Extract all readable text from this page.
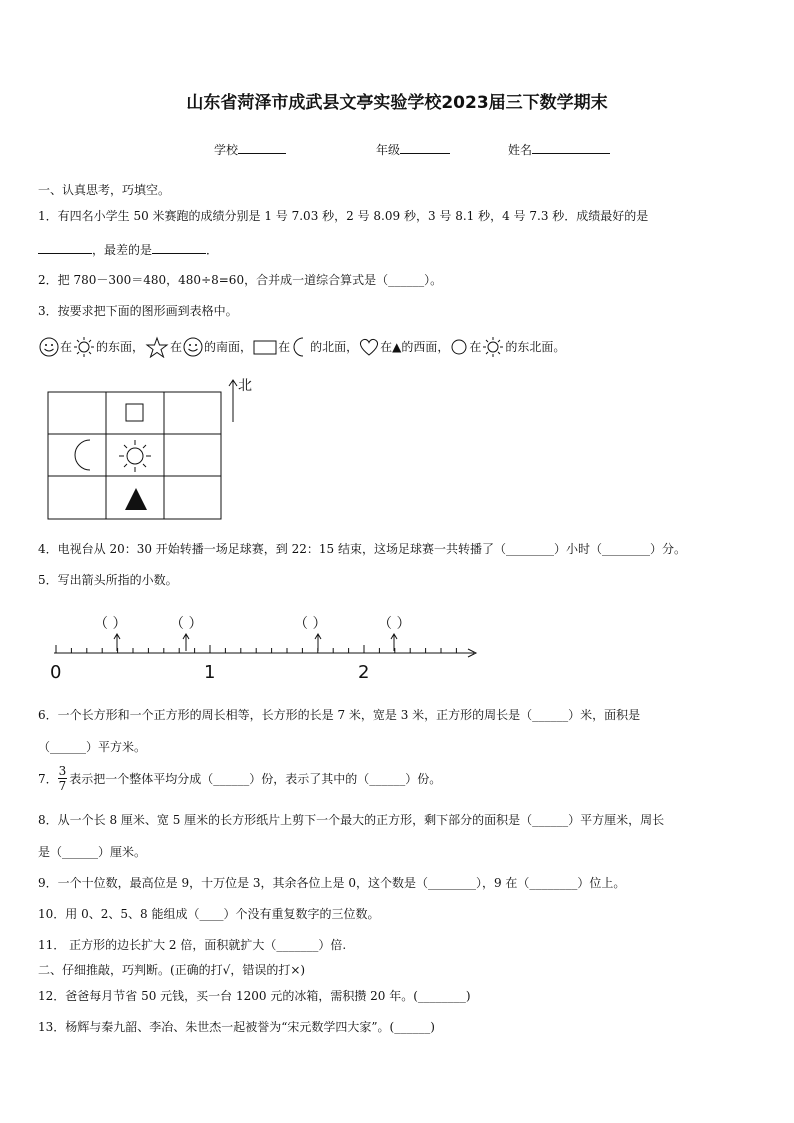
山东省菏泽市成武县文亭实验学校2023届三下数学期末
学校	年级	姓名
一、认真思考，巧填空。
1．有四名小学生 50 米赛跑的成绩分别是 1 号 7.03 秒，2 号 8.09 秒，3 号 8.1 秒，4 号 7.3 秒．成绩最好的是
，最差的是	．
2．把 780－300＝480，480÷8=60，合并成一道综合算式是（______）。
3．按要求把下面的图形画到表格中。
在 的东面， 在 的南面， 在 的北面， 在▲的西面， 在 的东北面。
北
4．电视台从 20：30 开始转播一场足球赛，到 22：15 结束，这场足球赛一共转播了（________）小时（________）分。
5．写出箭头所指的小数。
0	1	2
（ ）	（ ）	（ ）	（ ）
6．一个长方形和一个正方形的周长相等，长方形的长是 7 米，宽是 3 米，正方形的周长是（______）米，面积是
（______）平方米。
7． $\frac{3}{7}$ 表示把一个整体平均分成（______）份，表示了其中的（______）份。
8．从一个长 8 厘米、宽 5 厘米的长方形纸片上剪下一个最大的正方形，剩下部分的面积是（______）平方厘米，周长
是（______）厘米。
9．一个十位数，最高位是 9，十万位是 3，其余各位上是 0，这个数是（________），9 在（________）位上。
10．用 0、2、5、8 能组成（____）个没有重复数字的三位数。
11． 正方形的边长扩大 2 倍，面积就扩大（_______）倍.
二、仔细推敲，巧判断。(正确的打√，错误的打×)
12．爸爸每月节省 50 元钱，买一台 1200 元的冰箱，需积攒 20 年。(________)
13．杨辉与秦九韶、李冶、朱世杰一起被誉为“宋元数学四大家”。(______)
